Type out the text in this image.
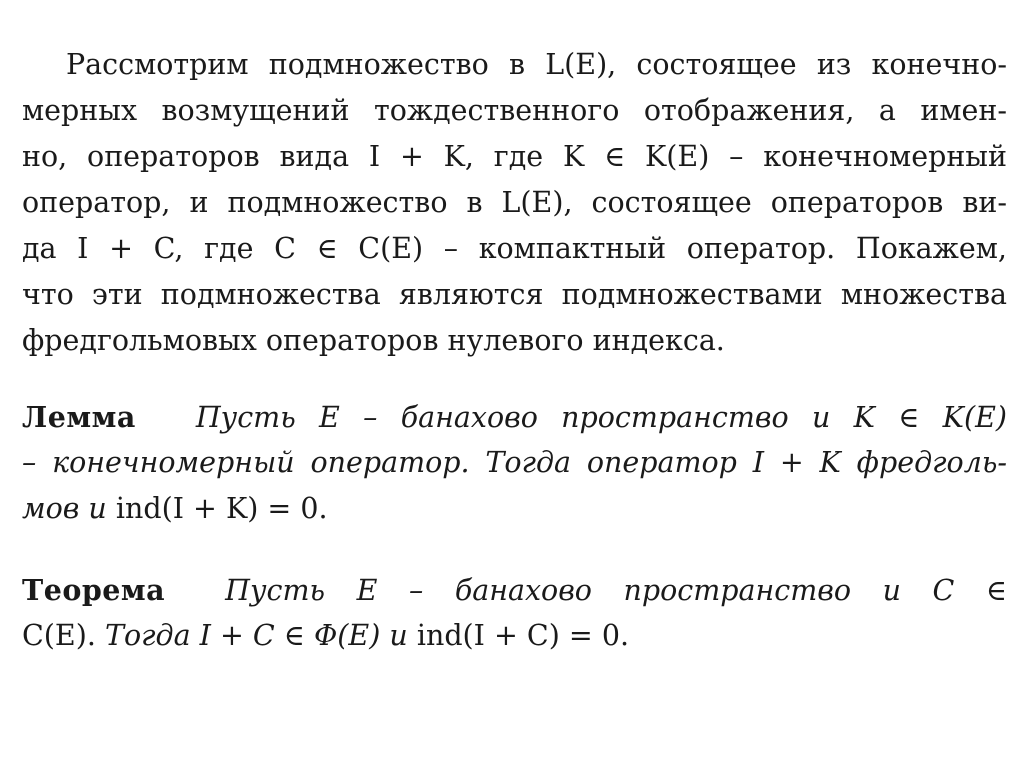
Рассмотрим подмножество в L(E), состоящее из конечно-

мерных возмущений тождественного отображения, а имен-

но, операторов вида I + K, где K ∈ K(E) – конечномерный

оператор, и подмножество в L(E), состоящее операторов ви-

да I + C, где C ∈ C(E) – компактный оператор. Покажем,

что эти подмножества являются подмножествами множества

фредгольмовых операторов нулевого индекса.

Лемма Пусть E – банахово пространство и K ∈ K(E)

– конечномерный оператор. Тогда оператор I + K фредголь-

мов и ind(I + K) = 0.

Теорема Пусть E – банахово пространство и C ∈

C(E). Тогда I + C ∈ Φ(E) и ind(I + C) = 0.
